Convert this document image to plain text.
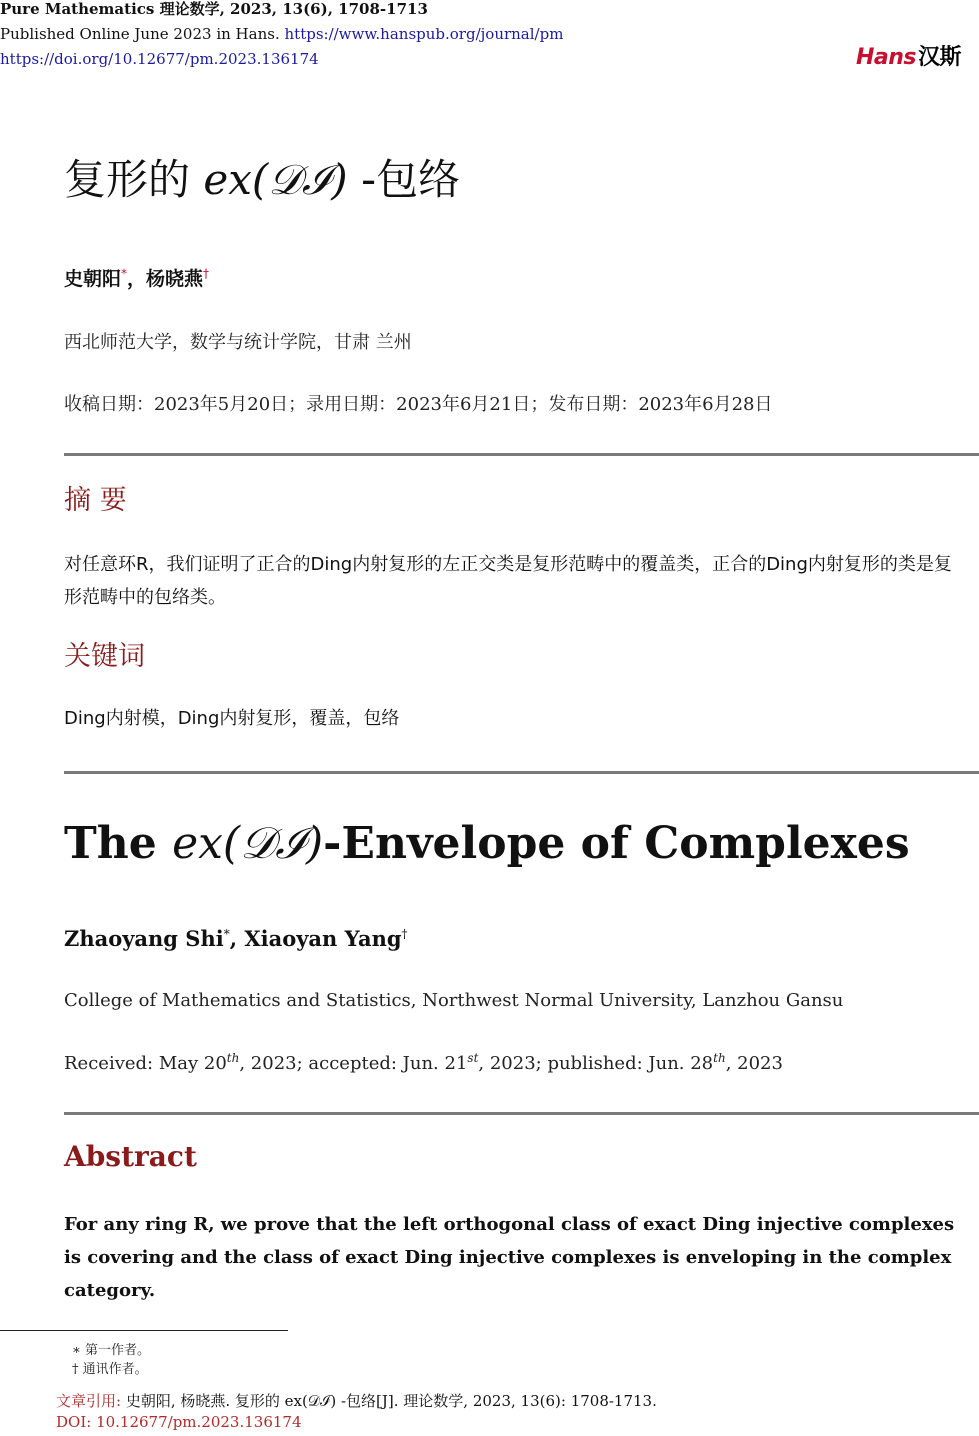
Pure Mathematics 理论数学, 2023, 13(6), 1708-1713
Published Online June 2023 in Hans. https://www.hanspub.org/journal/pm
https://doi.org/10.12677/pm.2023.136174	Hans汉斯
复形的 ex(𝒟ℐ) -包络
史朝阳*，杨晓燕†
西北师范大学，数学与统计学院，甘肃 兰州
收稿日期：2023年5月20日；录用日期：2023年6月21日；发布日期：2023年6月28日
摘 要
对任意环R，我们证明了正合的Ding内射复形的左正交类是复形范畴中的覆盖类，正合的Ding内射复形的类是复形范畴中的包络类。
关键词
Ding内射模，Ding内射复形，覆盖，包络
The ex(𝒟ℐ)-Envelope of Complexes
Zhaoyang Shi*, Xiaoyan Yang†
College of Mathematics and Statistics, Northwest Normal University, Lanzhou Gansu
Received: May 20th, 2023; accepted: Jun. 21st, 2023; published: Jun. 28th, 2023
Abstract
For any ring R, we prove that the left orthogonal class of exact Ding injective complexes is covering and the class of exact Ding injective complexes is enveloping in the complex category.
∗ 第一作者。
† 通讯作者。
文章引用: 史朝阳, 杨晓燕. 复形的 ex(𝒟ℐ) -包络[J]. 理论数学, 2023, 13(6): 1708-1713.
DOI: 10.12677/pm.2023.136174
